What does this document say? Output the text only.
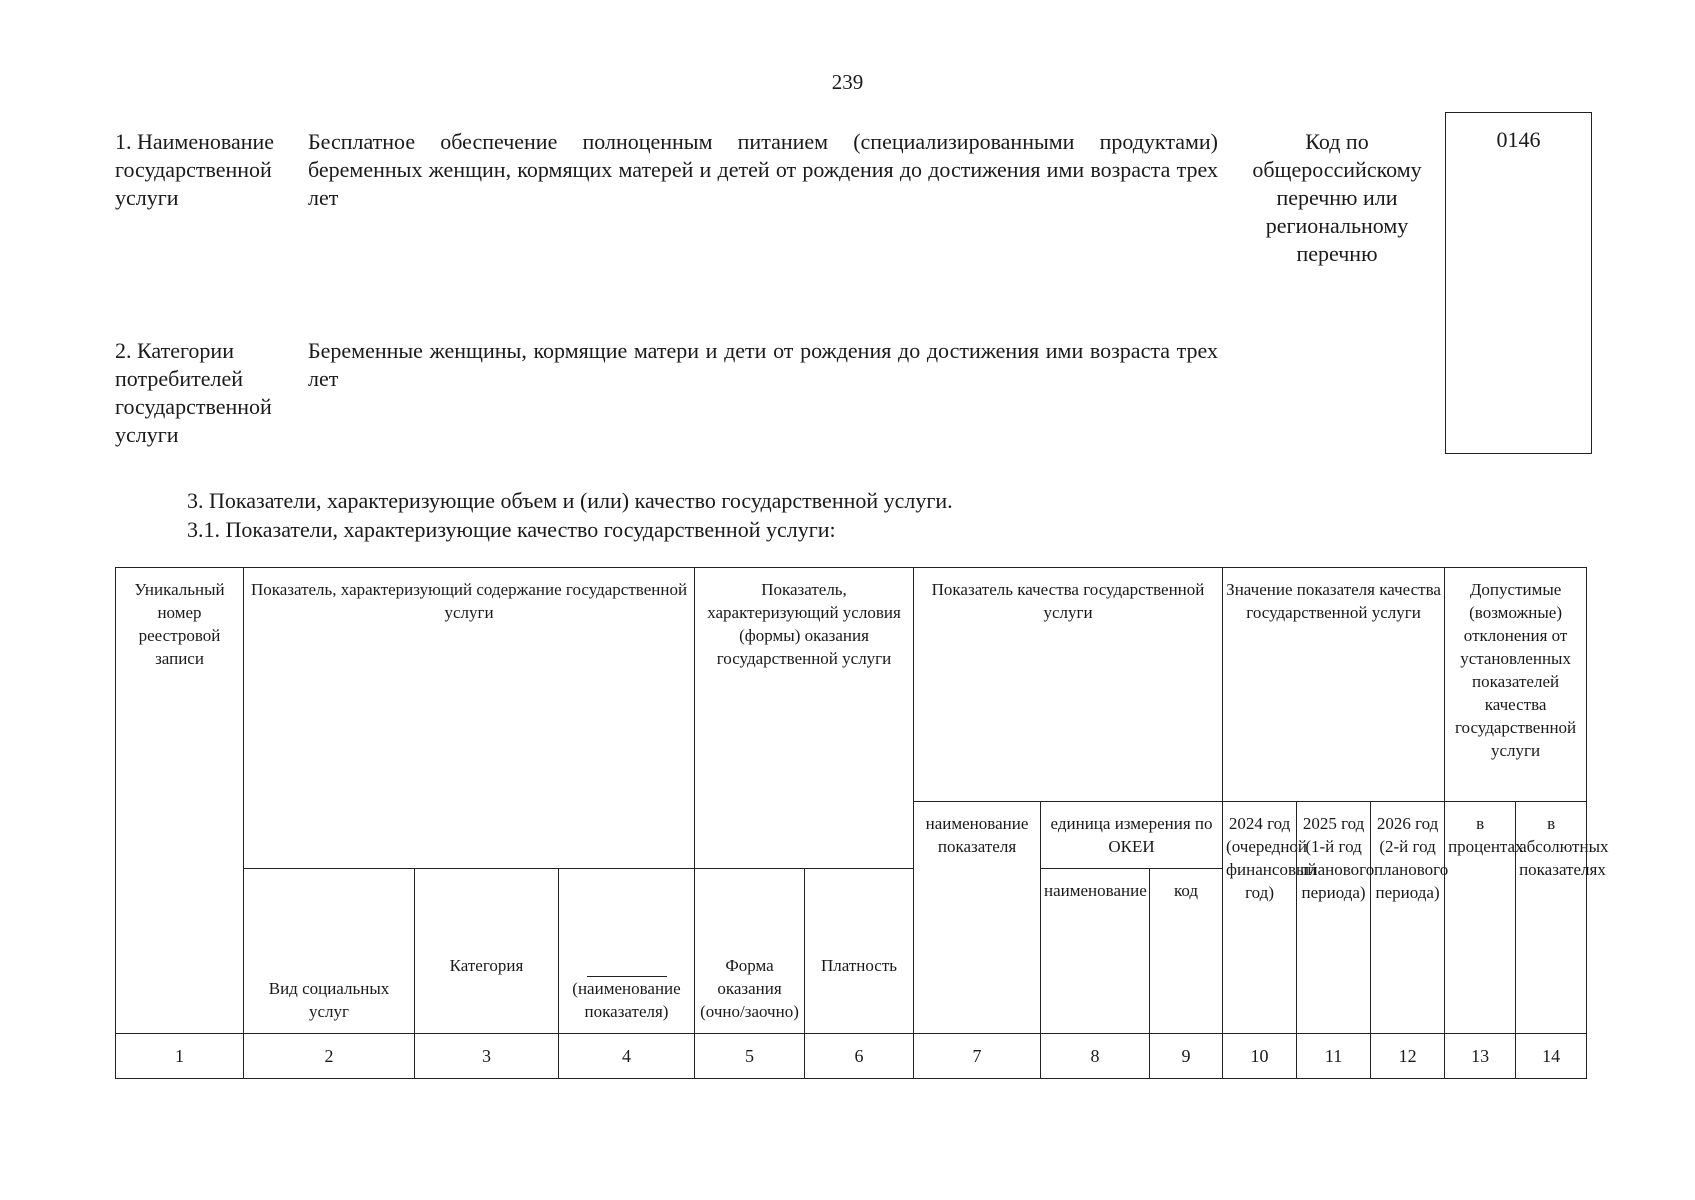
239
1. Наименование государственной услуги
Бесплатное обеспечение полноценным питанием (специализированными продуктами) беременных женщин, кормящих матерей и детей от рождения до достижения ими возраста трех лет
Код по общероссийскому перечню или региональному перечню
0146
2. Категории потребителей государственной услуги
Беременные женщины, кормящие матери и дети от рождения до достижения ими возраста трех лет
3. Показатели, характеризующие объем и (или) качество государственной услуги.
3.1. Показатели, характеризующие качество государственной услуги:
Уникальный номер реестровой записи	Показатель, характеризующий содержание государственной услуги			Показатель, характеризующий условия (формы) оказания государственной услуги		Показатель качества государственной услуги			Значение показателя качества государственной услуги			Допустимые (возможные) отклонения от установленных показателей качества государственной услуги	
						наименование показателя	единица измерения по ОКЕИ		2024 год (очередной финансовый год)	2025 год (1-й год планового периода)	2026 год (2-й год планового периода)	в процентах	в абсолютных показателях
	Вид социальных услуг	Категория	(наименование показателя)	Форма оказания (очно/заочно)	Платность		наименование	код					
1	2	3	4	5	6	7	8	9	10	11	12	13	14
